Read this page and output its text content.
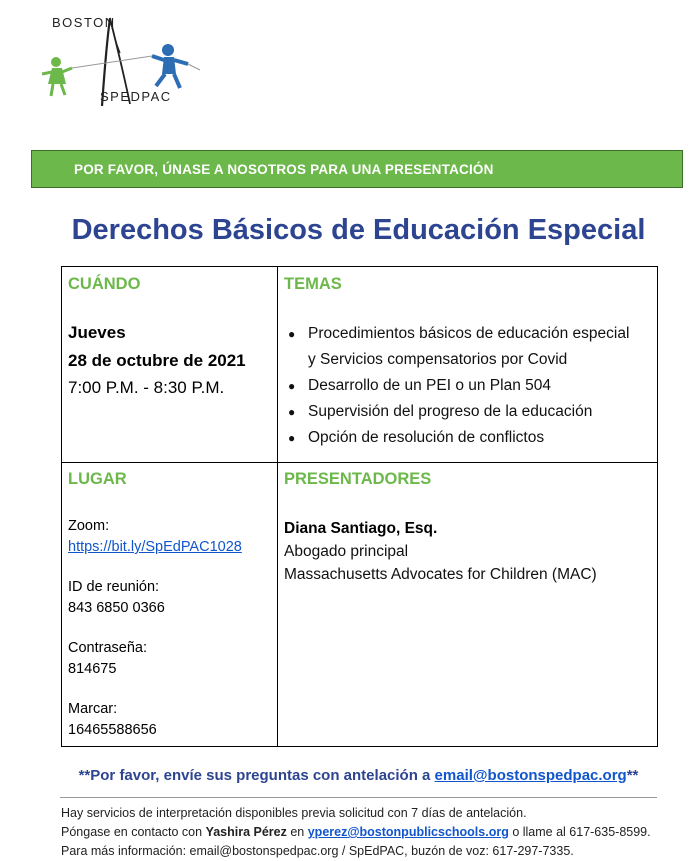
BOSTON
SPEDPAC
POR FAVOR, ÚNASE A NOSOTROS PARA UNA PRESENTACIÓN
Derechos Básicos de Educación Especial
CUÁNDO
Jueves
28 de octubre de 2021
7:00 P.M. - 8:30 P.M.
TEMAS
● Procedimientos básicos de educación especial
y Servicios compensatorios por Covid
● Desarrollo de un PEI o un Plan 504
● Supervisión del progreso de la educación
● Opción de resolución de conflictos
LUGAR
Zoom:
https://bit.ly/SpEdPAC1028
ID de reunión:
843 6850 0366
Contraseña:
814675
Marcar:
16465588656
PRESENTADORES
Diana Santiago, Esq.
Abogado principal
Massachusetts Advocates for Children (MAC)
**Por favor, envíe sus preguntas con antelación a email@bostonspedpac.org**
Hay servicios de interpretación disponibles previa solicitud con 7 días de antelación.
Póngase en contacto con Yashira Pérez en yperez@bostonpublicschools.org o llame al 617-635-8599.
Para más información: email@bostonspedpac.org / SpEdPAC, buzón de voz: 617-297-7335.
